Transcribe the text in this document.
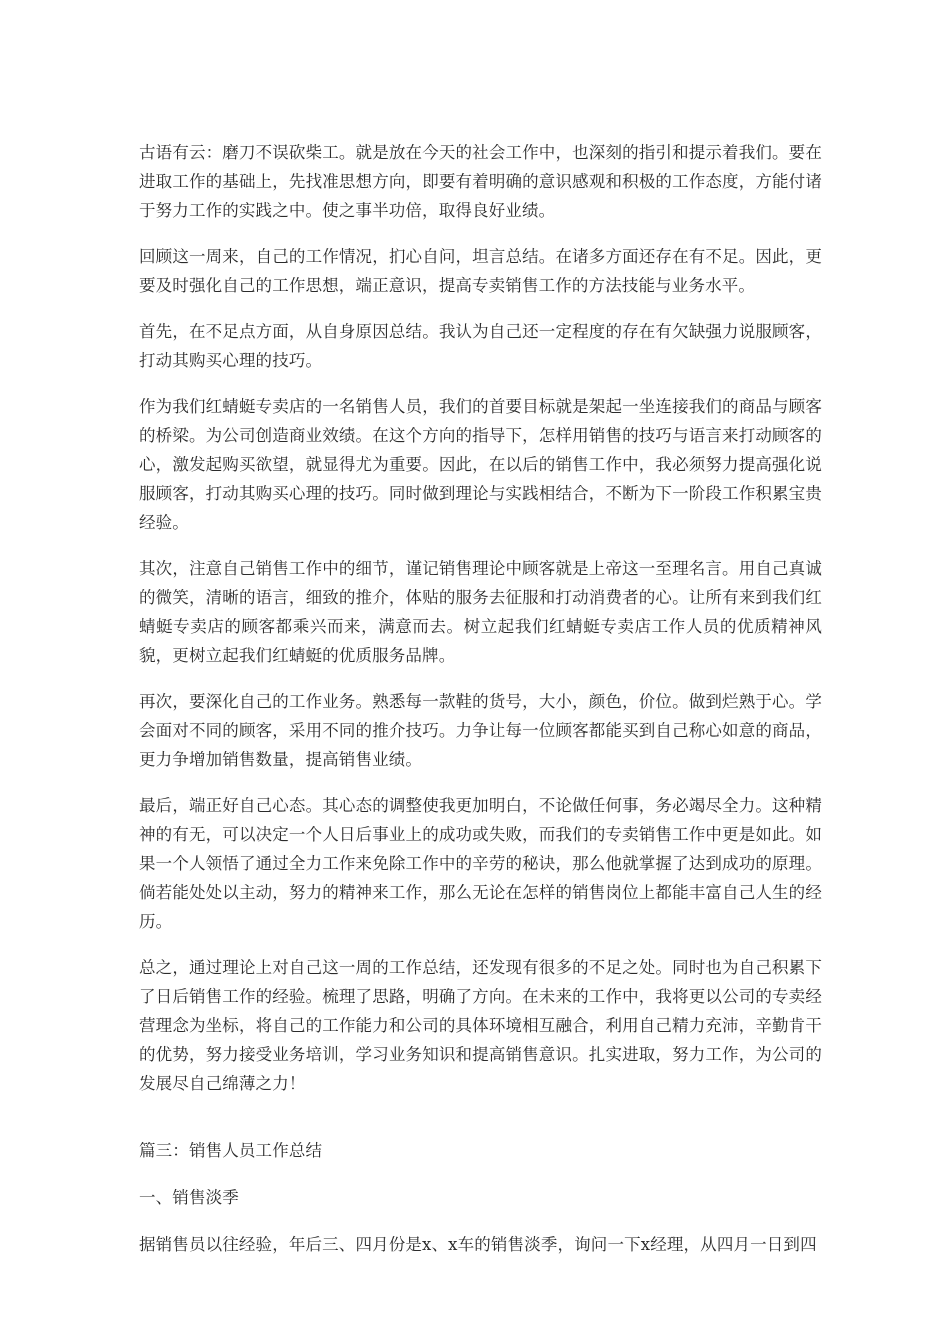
古语有云：磨刀不误砍柴工。就是放在今天的社会工作中，也深刻的指引和提示着我们。要在进取工作的基础上，先找准思想方向，即要有着明确的意识感观和积极的工作态度，方能付诸于努力工作的实践之中。使之事半功倍，取得良好业绩。

回顾这一周来，自己的工作情况，扪心自问，坦言总结。在诸多方面还存在有不足。因此，更要及时强化自己的工作思想，端正意识，提高专卖销售工作的方法技能与业务水平。

首先，在不足点方面，从自身原因总结。我认为自己还一定程度的存在有欠缺强力说服顾客，打动其购买心理的技巧。

作为我们红蜻蜓专卖店的一名销售人员，我们的首要目标就是架起一坐连接我们的商品与顾客的桥梁。为公司创造商业效绩。在这个方向的指导下，怎样用销售的技巧与语言来打动顾客的心，激发起购买欲望，就显得尤为重要。因此，在以后的销售工作中，我必须努力提高强化说服顾客，打动其购买心理的技巧。同时做到理论与实践相结合，不断为下一阶段工作积累宝贵经验。

其次，注意自己销售工作中的细节，谨记销售理论中顾客就是上帝这一至理名言。用自己真诚的微笑，清晰的语言，细致的推介，体贴的服务去征服和打动消费者的心。让所有来到我们红蜻蜓专卖店的顾客都乘兴而来，满意而去。树立起我们红蜻蜓专卖店工作人员的优质精神风貌，更树立起我们红蜻蜓的优质服务品牌。

再次，要深化自己的工作业务。熟悉每一款鞋的货号，大小，颜色，价位。做到烂熟于心。学会面对不同的顾客，采用不同的推介技巧。力争让每一位顾客都能买到自己称心如意的商品，更力争增加销售数量，提高销售业绩。

最后，端正好自己心态。其心态的调整使我更加明白，不论做任何事，务必竭尽全力。这种精神的有无，可以决定一个人日后事业上的成功或失败，而我们的专卖销售工作中更是如此。如果一个人领悟了通过全力工作来免除工作中的辛劳的秘诀，那么他就掌握了达到成功的原理。倘若能处处以主动，努力的精神来工作，那么无论在怎样的销售岗位上都能丰富自己人生的经历。

总之，通过理论上对自己这一周的工作总结，还发现有很多的不足之处。同时也为自己积累下了日后销售工作的经验。梳理了思路，明确了方向。在未来的工作中，我将更以公司的专卖经营理念为坐标，将自己的工作能力和公司的具体环境相互融合，利用自己精力充沛，辛勤肯干的优势，努力接受业务培训，学习业务知识和提高销售意识。扎实进取，努力工作，为公司的发展尽自己绵薄之力！

篇三：销售人员工作总结

一、销售淡季

据销售员以往经验，年后三、四月份是x、x车的销售淡季，询问一下x经理，从四月一日到四
